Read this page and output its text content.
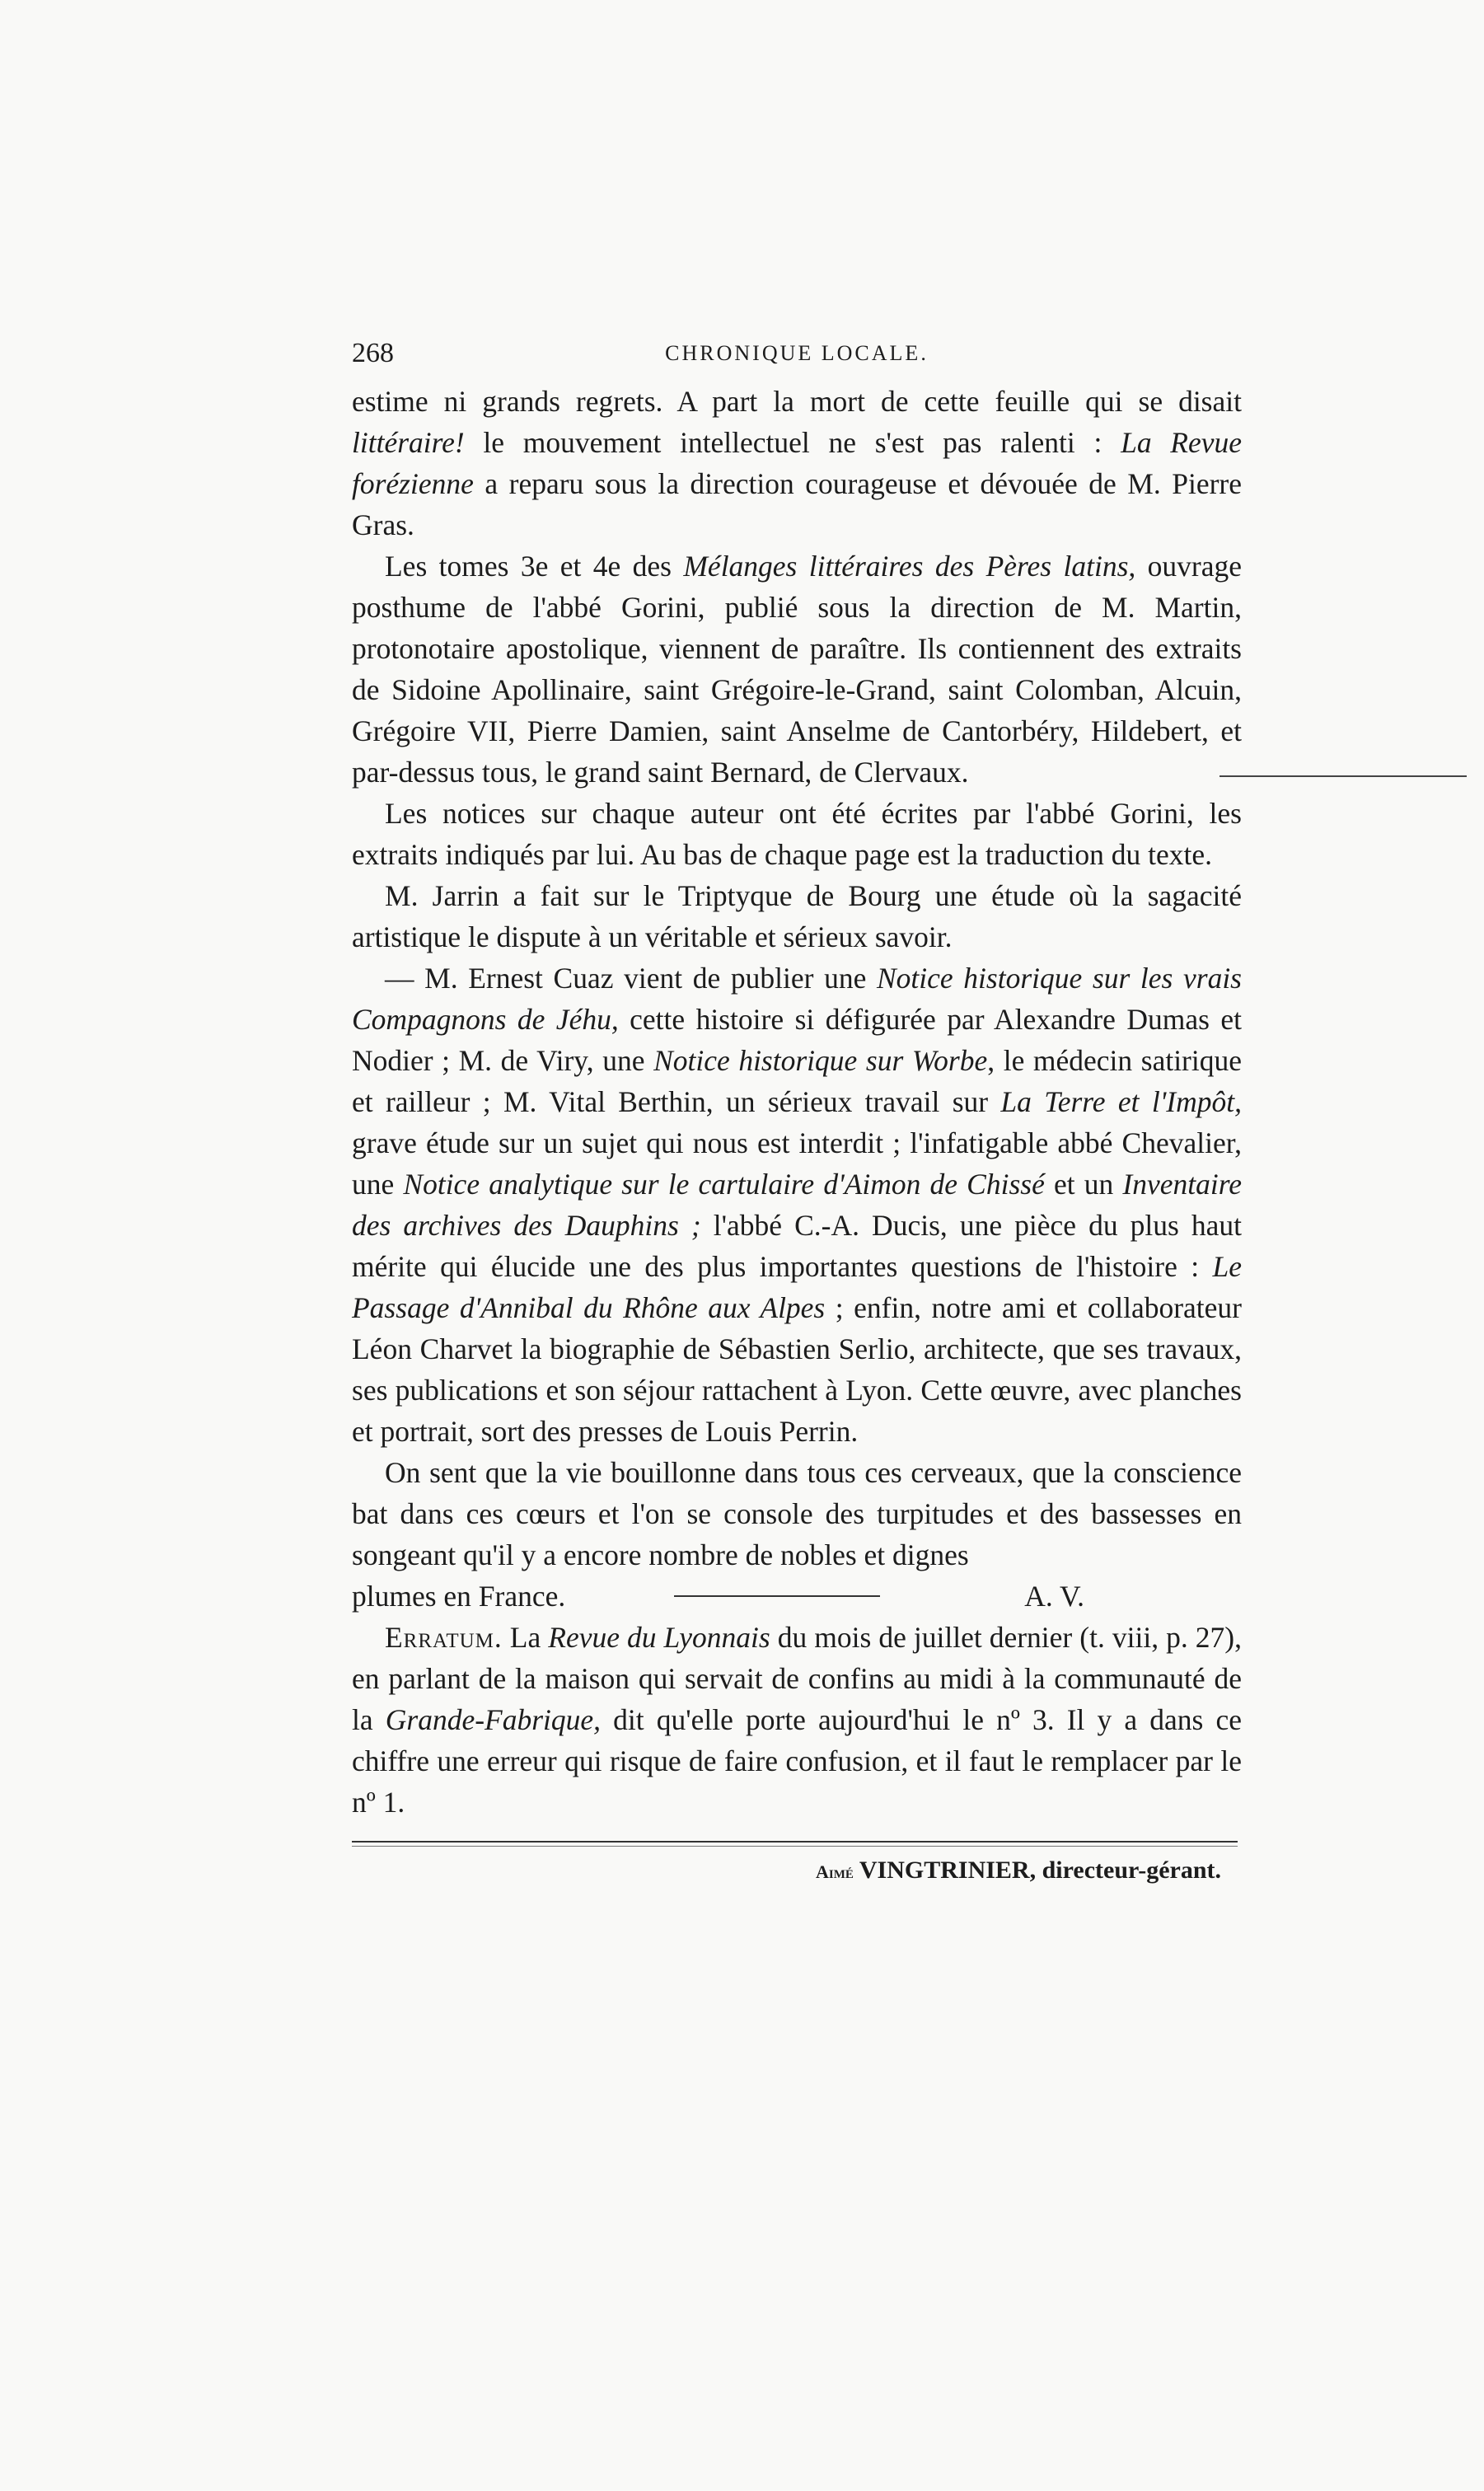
268	CHRONIQUE LOCALE.

estime ni grands regrets. A part la mort de cette feuille qui se disait littéraire! le mouvement intellectuel ne s'est pas ralenti : La Revue forézienne a reparu sous la direction courageuse et dévouée de M. Pierre Gras.

Les tomes 3e et 4e des Mélanges littéraires des Pères latins, ouvrage posthume de l'abbé Gorini, publié sous la direction de M. Martin, protonotaire apostolique, viennent de paraître. Ils contiennent des extraits de Sidoine Apollinaire, saint Grégoire-le-Grand, saint Colomban, Alcuin, Grégoire VII, Pierre Damien, saint Anselme de Cantorbéry, Hildebert, et par-dessus tous, le grand saint Bernard, de Clervaux.

Les notices sur chaque auteur ont été écrites par l'abbé Gorini, les extraits indiqués par lui. Au bas de chaque page est la traduction du texte.

M. Jarrin a fait sur le Triptyque de Bourg une étude où la sagacité artistique le dispute à un véritable et sérieux savoir.

— M. Ernest Cuaz vient de publier une Notice historique sur les vrais Compagnons de Jéhu, cette histoire si défigurée par Alexandre Dumas et Nodier ; M. de Viry, une Notice historique sur Worbe, le médecin satirique et railleur ; M. Vital Berthin, un sérieux travail sur La Terre et l'Impôt, grave étude sur un sujet qui nous est interdit ; l'infatigable abbé Chevalier, une Notice analytique sur le cartulaire d'Aimon de Chissé et un Inventaire des archives des Dauphins ; l'abbé C.-A. Ducis, une pièce du plus haut mérite qui élucide une des plus importantes questions de l'histoire : Le Passage d'Annibal du Rhône aux Alpes ; enfin, notre ami et collaborateur Léon Charvet la biographie de Sébastien Serlio, architecte, que ses travaux, ses publications et son séjour rattachent à Lyon. Cette œuvre, avec planches et portrait, sort des presses de Louis Perrin.

On sent que la vie bouillonne dans tous ces cerveaux, que la conscience bat dans ces cœurs et l'on se console des turpitudes et des bassesses en songeant qu'il y a encore nombre de nobles et dignes

plumes en France.	A. V.

Erratum. La Revue du Lyonnais du mois de juillet dernier (t. viii, p. 27), en parlant de la maison qui servait de confins au midi à la communauté de la Grande-Fabrique, dit qu'elle porte aujourd'hui le nº 3. Il y a dans ce chiffre une erreur qui risque de faire confusion, et il faut le remplacer par le nº 1.

Aimé VINGTRINIER, directeur-gérant.
